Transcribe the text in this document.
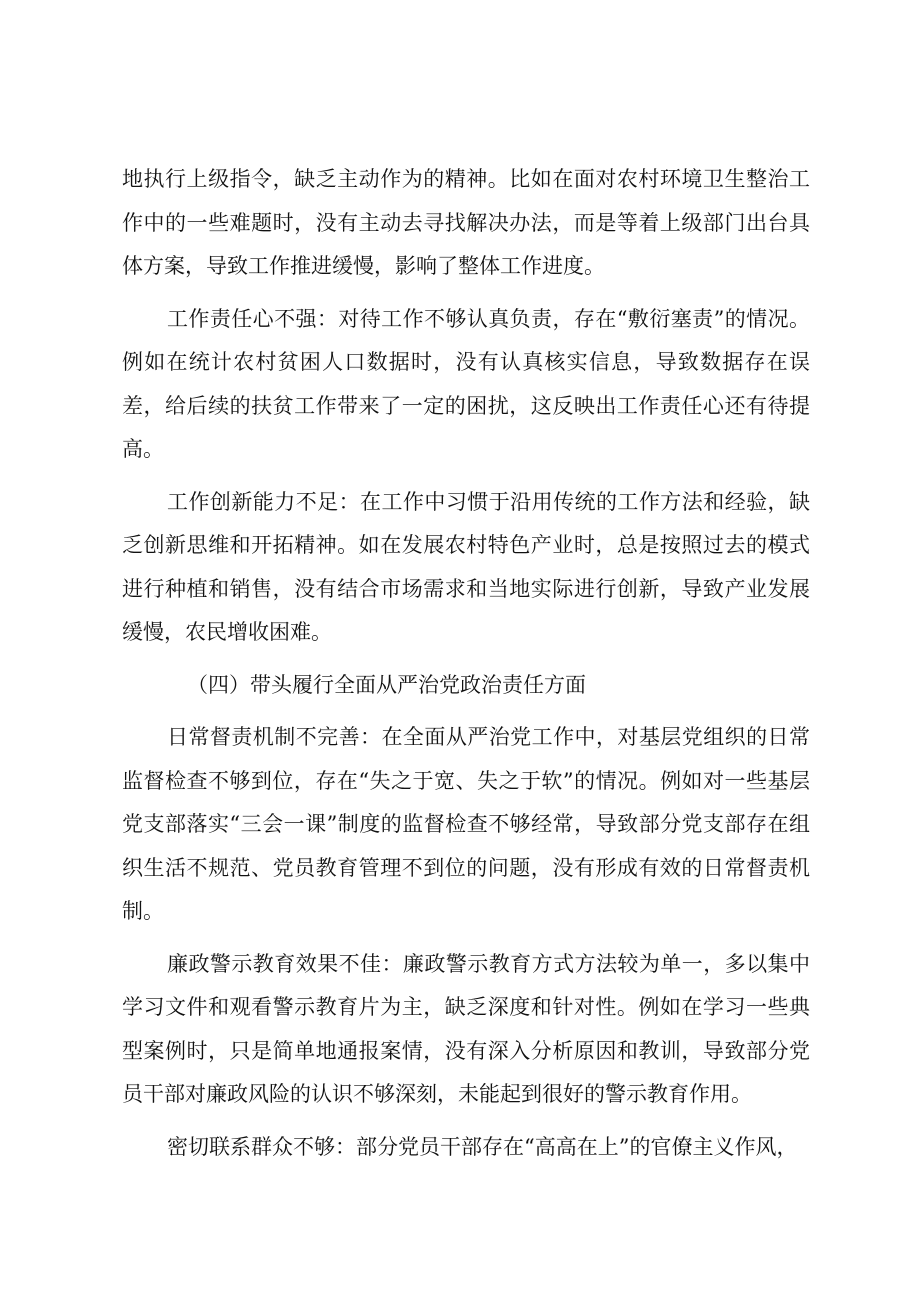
地执行上级指令，缺乏主动作为的精神。比如在面对农村环境卫生整治工作中的一些难题时，没有主动去寻找解决办法，而是等着上级部门出台具体方案，导致工作推进缓慢，影响了整体工作进度。

工作责任心不强：对待工作不够认真负责，存在“敷衍塞责”的情况。例如在统计农村贫困人口数据时，没有认真核实信息，导致数据存在误差，给后续的扶贫工作带来了一定的困扰，这反映出工作责任心还有待提高。

工作创新能力不足：在工作中习惯于沿用传统的工作方法和经验，缺乏创新思维和开拓精神。如在发展农村特色产业时，总是按照过去的模式进行种植和销售，没有结合市场需求和当地实际进行创新，导致产业发展缓慢，农民增收困难。

（四）带头履行全面从严治党政治责任方面

日常督责机制不完善：在全面从严治党工作中，对基层党组织的日常监督检查不够到位，存在“失之于宽、失之于软”的情况。例如对一些基层党支部落实“三会一课”制度的监督检查不够经常，导致部分党支部存在组织生活不规范、党员教育管理不到位的问题，没有形成有效的日常督责机制。

廉政警示教育效果不佳：廉政警示教育方式方法较为单一，多以集中学习文件和观看警示教育片为主，缺乏深度和针对性。例如在学习一些典型案例时，只是简单地通报案情，没有深入分析原因和教训，导致部分党员干部对廉政风险的认识不够深刻，未能起到很好的警示教育作用。

密切联系群众不够：部分党员干部存在“高高在上”的官僚主义作风，
